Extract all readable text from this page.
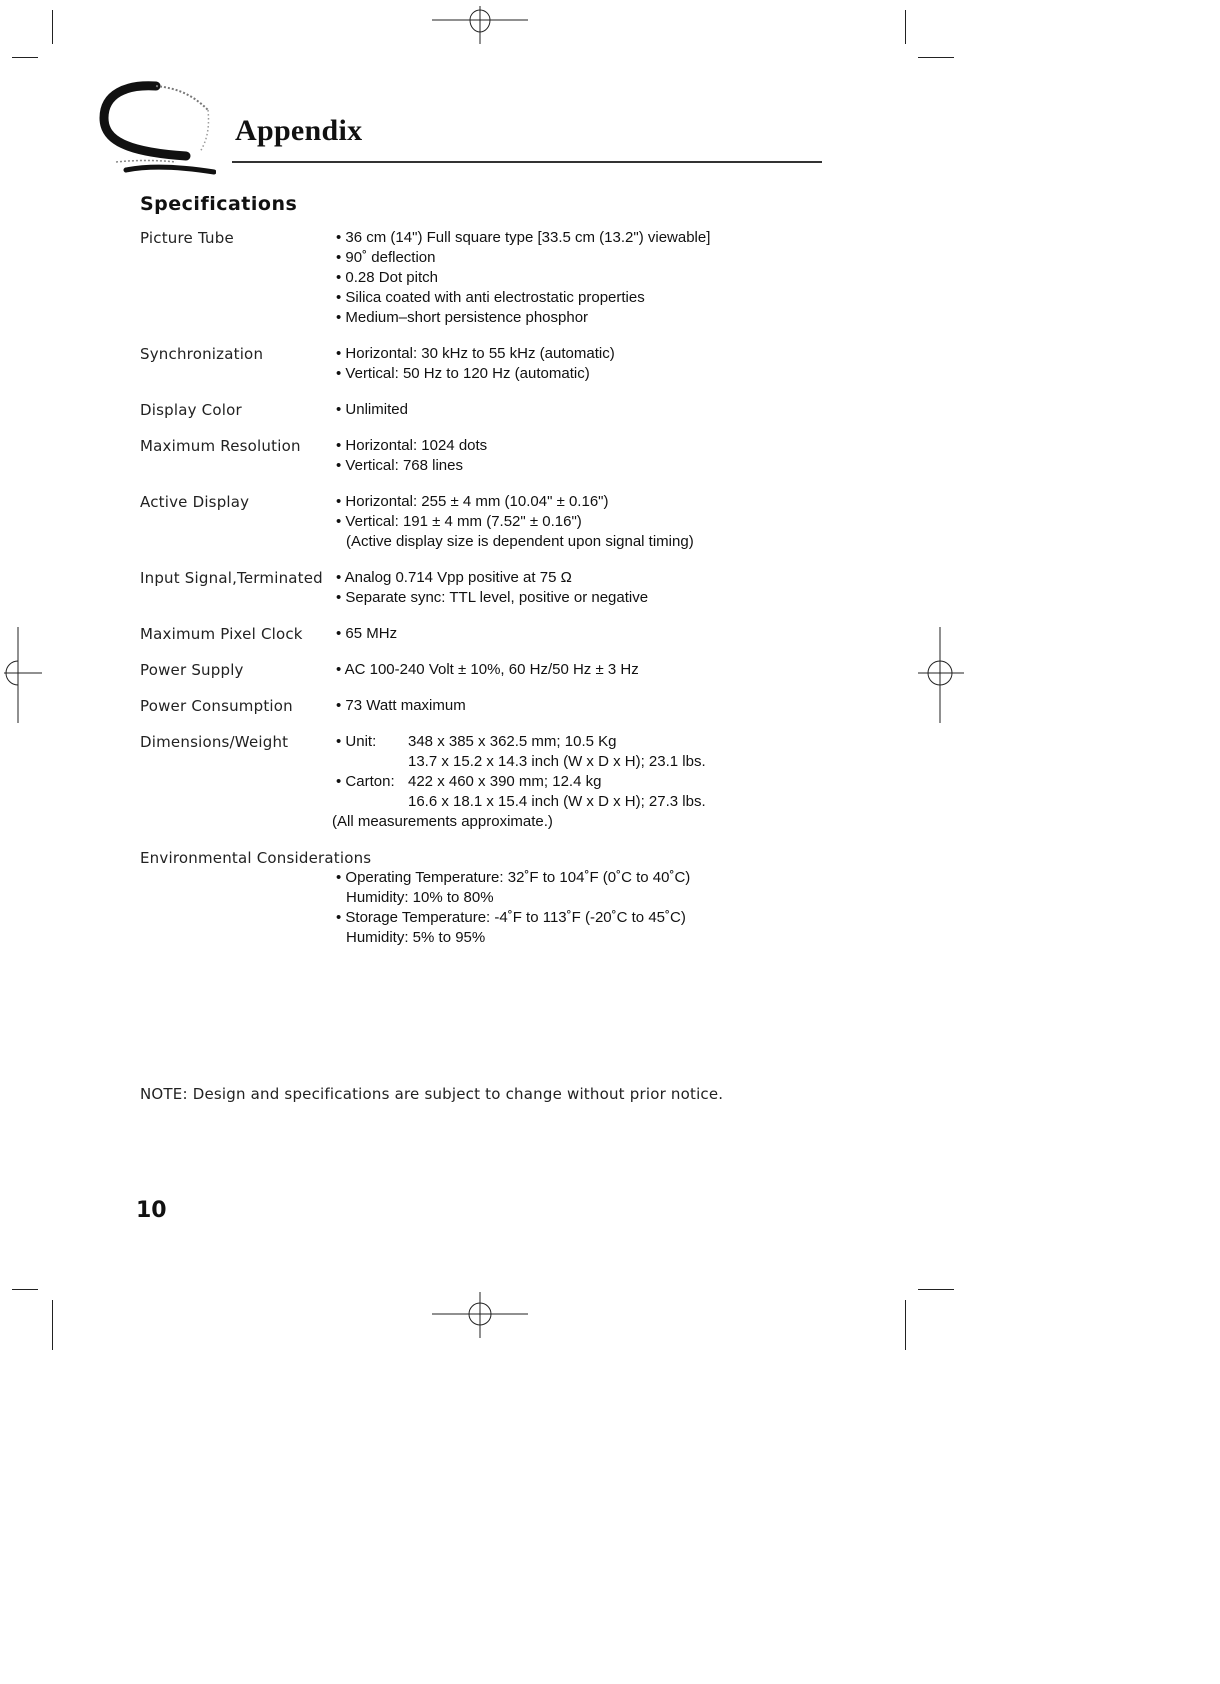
Appendix
Specifications
Picture Tube	• 36 cm (14") Full square type [33.5 cm (13.2") viewable]
• 90˚ deflection
• 0.28 Dot pitch
• Silica coated with anti electrostatic properties
• Medium–short persistence phosphor
Synchronization	• Horizontal: 30 kHz to 55 kHz (automatic)
• Vertical: 50 Hz to 120 Hz (automatic)
Display Color	• Unlimited
Maximum Resolution	• Horizontal: 1024 dots
• Vertical: 768 lines
Active Display	• Horizontal: 255 ± 4 mm (10.04" ± 0.16")
• Vertical: 191 ± 4 mm (7.52" ± 0.16")
(Active display size is dependent upon signal timing)
Input Signal,Terminated • Analog 0.714 Vpp positive at 75 Ω
• Separate sync: TTL level, positive or negative
Maximum Pixel Clock	• 65 MHz
Power Supply	• AC 100-240 Volt ± 10%, 60 Hz/50 Hz ± 3 Hz
Power Consumption	• 73 Watt maximum
Dimensions/Weight	• Unit:	348 x 385 x 362.5 mm; 10.5 Kg
13.7 x 15.2 x 14.3 inch (W x D x H); 23.1 lbs.
• Carton: 422 x 460 x 390 mm; 12.4 kg
16.6 x 18.1 x 15.4 inch (W x D x H); 27.3 lbs.
(All measurements approximate.)
Environmental Considerations
• Operating Temperature: 32˚F to 104˚F (0˚C to 40˚C)
Humidity: 10% to 80%
• Storage Temperature: -4˚F to 113˚F (-20˚C to 45˚C)
Humidity: 5% to 95%
NOTE: Design and specifications are subject to change without prior notice.
10
